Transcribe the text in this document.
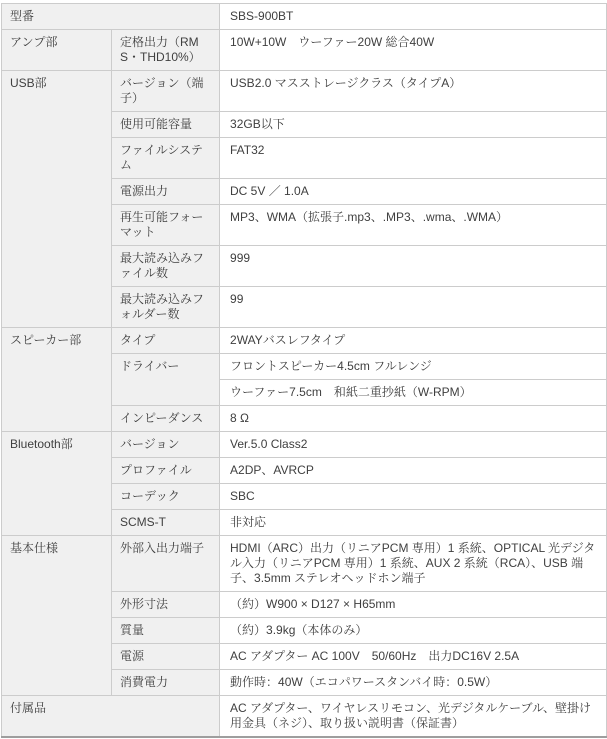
型番		SBS-900BT
アンプ部	定格出力（RMS・THD10%）	10W+10W　ウーファー20W 総合40W
USB部	バージョン（端子）	USB2.0 マスストレージクラス（タイプA）
	使用可能容量	32GB以下
	ファイルシステム	FAT32
	電源出力	DC 5V ／ 1.0A
	再生可能フォーマット	MP3、WMA（拡張子.mp3、.MP3、.wma、.WMA）
	最大読み込みファイル数	999
	最大読み込みフォルダー数	99
スピーカー部	タイプ	2WAYバスレフタイプ
	ドライバー	フロントスピーカー4.5cm フルレンジ
		ウーファー7.5cm　和紙二重抄紙（W-RPM）
	インピーダンス	8 Ω
Bluetooth部	バージョン	Ver.5.0 Class2
	プロファイル	A2DP、AVRCP
	コーデック	SBC
	SCMS-T	非対応
基本仕様	外部入出力端子	HDMI（ARC）出力（リニアPCM 専用）1 系統、OPTICAL 光デジタル入力（リニアPCM 専用）1 系統、AUX 2 系統（RCA）、USB 端子、3.5mm ステレオヘッドホン端子
	外形寸法	（約）W900 × D127 × H65mm
	質量	（約）3.9kg（本体のみ）
	電源	AC アダプター AC 100V　50/60Hz　出力DC16V 2.5A
	消費電力	動作時：40W（エコパワースタンバイ時：0.5W）
付属品		AC アダプター、ワイヤレスリモコン、光デジタルケーブル、壁掛け用金具（ネジ）、取り扱い説明書（保証書）
